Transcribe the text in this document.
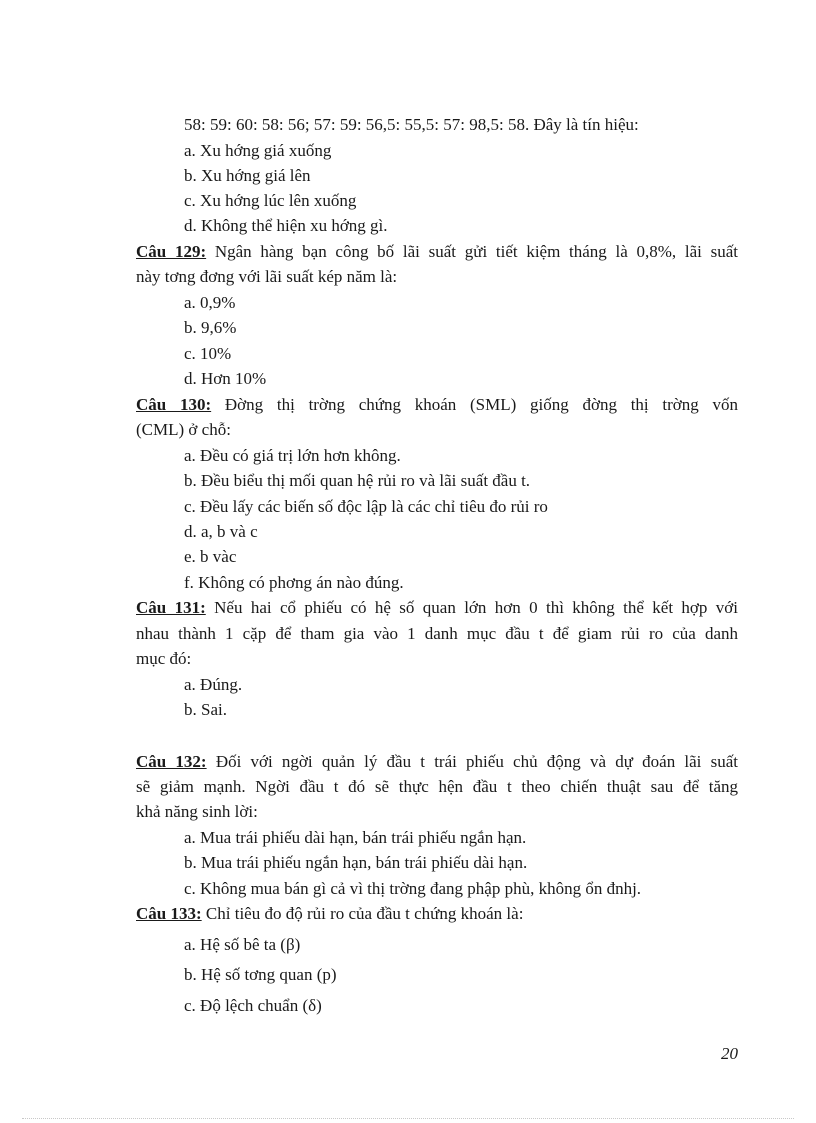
58: 59: 60: 58: 56; 57: 59: 56,5: 55,5: 57: 98,5: 58. Đây là tín hiệu:
a. Xu hớng giá xuống
b. Xu hớng giá lên
c. Xu hớng lúc lên xuống
d. Không thể hiện xu hớng gì.
Câu 129: Ngân hàng bạn công bố lãi suất gửi tiết kiệm tháng là 0,8%, lãi suất
này tơng đơng với lãi suất kép năm là:
a. 0,9%
b. 9,6%
c. 10%
d. Hơn 10%
Câu 130: Đờng thị trờng chứng khoán (SML) giống đờng thị trờng vốn
(CML) ở chỗ:
a. Đều có giá trị lớn hơn không.
b. Đều biểu thị mối quan hệ rủi ro và lãi suất đầu t.
c. Đều lấy các biến số độc lập là các chỉ tiêu đo rủi ro
d. a, b và c
e. b vàc
f. Không có phơng án nào đúng.
Câu 131: Nếu hai cổ phiếu có hệ số quan lớn hơn 0 thì không thể kết hợp với
nhau thành 1 cặp để tham gia vào 1 danh mục đầu t để giam rủi ro của danh
mục đó:
a. Đúng.
b. Sai.
Câu 132: Đối với ngời quản lý đầu t trái phiếu chủ động và dự đoán lãi suất
sẽ giảm mạnh. Ngời đầu t đó sẽ thực hện đầu t theo chiến thuật sau để tăng
khả năng sinh lời:
a. Mua trái phiếu dài hạn, bán trái phiếu ngắn hạn.
b. Mua trái phiếu ngắn hạn, bán trái phiếu dài hạn.
c. Không mua bán gì cả vì thị trờng đang phập phù, không ổn đnhj.
Câu 133: Chỉ tiêu đo độ rủi ro của đầu t chứng khoán là:
a. Hệ số bê ta (β)
b. Hệ số tơng quan (p)
c. Độ lệch chuẩn (δ)
20
